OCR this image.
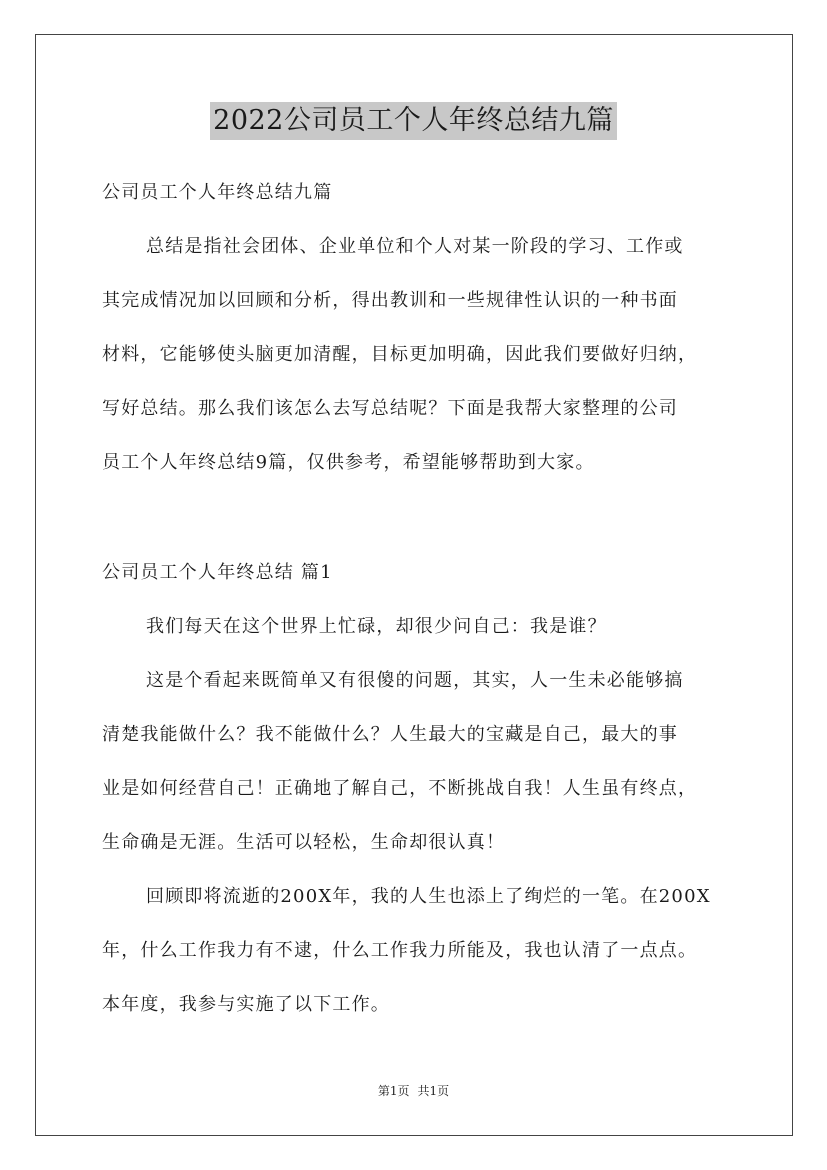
2022公司员工个人年终总结九篇
公司员工个人年终总结九篇
总结是指社会团体、企业单位和个人对某一阶段的学习、工作或
其完成情况加以回顾和分析，得出教训和一些规律性认识的一种书面
材料，它能够使头脑更加清醒，目标更加明确，因此我们要做好归纳，
写好总结。那么我们该怎么去写总结呢？下面是我帮大家整理的公司
员工个人年终总结9篇，仅供参考，希望能够帮助到大家。
公司员工个人年终总结 篇1
我们每天在这个世界上忙碌，却很少问自己：我是谁？
这是个看起来既简单又有很傻的问题，其实，人一生未必能够搞
清楚我能做什么？我不能做什么？人生最大的宝藏是自己，最大的事
业是如何经营自己！正确地了解自己，不断挑战自我！人生虽有终点，
生命确是无涯。生活可以轻松，生命却很认真！
回顾即将流逝的200X年，我的人生也添上了绚烂的一笔。在200X
年，什么工作我力有不逮，什么工作我力所能及，我也认清了一点点。
本年度，我参与实施了以下工作。
第1页 共1页
